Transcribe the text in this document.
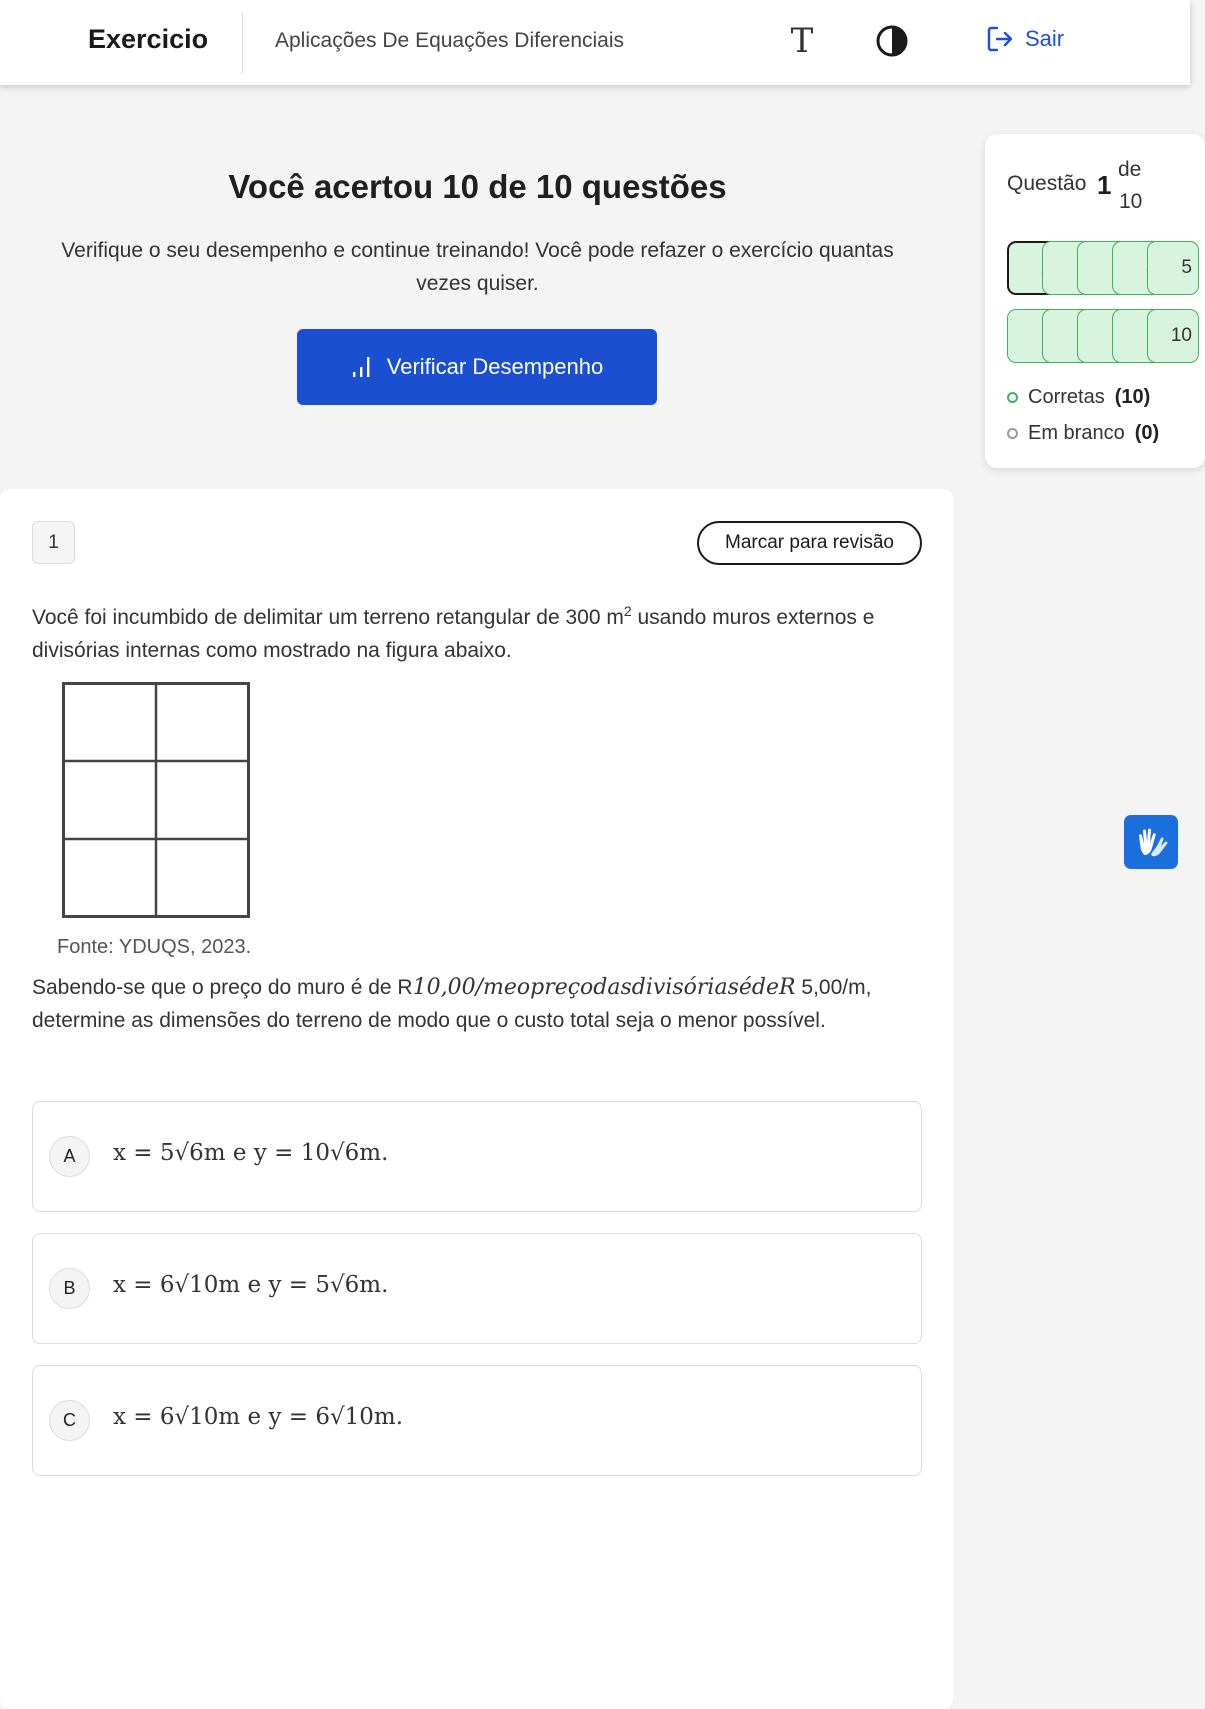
Exercicio	Aplicações De Equações Diferenciais	T	Sair
Você acertou 10 de 10 questões
Verifique o seu desempenho e continue treinando! Você pode refazer o exercício quantas vezes quiser.
Verificar Desempenho
Questão 1
de
10
5
10
Corretas (10)
Em branco (0)
1	Marcar para revisão
Você foi incumbido de delimitar um terreno retangular de 300 $m^2$ usando muros externos e divisórias internas como mostrado na figura abaixo.
Fonte: YDUQS, 2023.
Sabendo-se que o preço do muro é de R10,00/meopreçodasdivisóriasédeR 5,00/m, determine as dimensões do terreno de modo que o custo total seja o menor possível.
A	x = 5√6m e y = 10√6m.
B	x = 6√10m e y = 5√6m.
C	x = 6√10m e y = 6√10m.
